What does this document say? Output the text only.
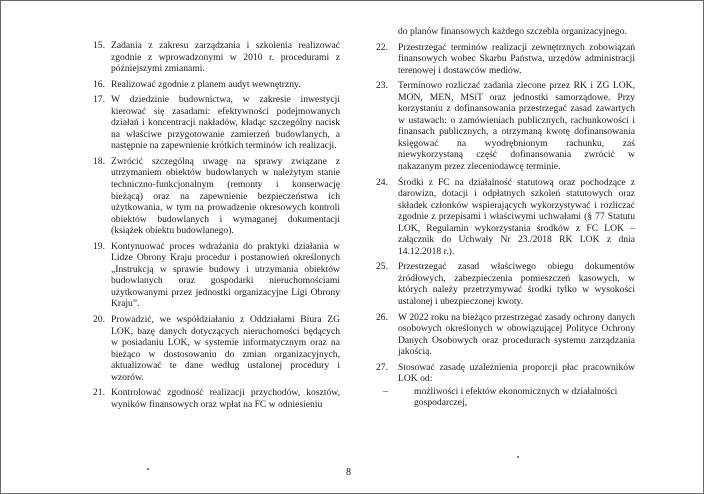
15. Zadania z zakresu zarządzania i szkolenia realizować zgodnie z wprowadzonymi w 2010 r. procedurami z późniejszymi zmianami.
16. Realizować zgodnie z planem audyt wewnętrzny.
17. W dziedzinie budownictwa, w zakresie inwestycji kierować się zasadami: efektywności podejmowanych działań i koncentracji nakładów, kładąc szczególny nacisk na właściwe przygotowanie zamierzeń budowlanych, a następnie na zapewnienie krótkich terminów ich realizacji.
18. Zwrócić szczególną uwagę na sprawy związane z utrzymaniem obiektów budowlanych w należytym stanie techniczno-funkcjonalnym (remonty i konserwację bieżącą) oraz na zapewnienie bezpieczeństwa ich użytkowania, w tym na prowadzenie okresowych kontroli obiektów budowlanych i wymaganej dokumentacji (książek obiektu budowlanego).
19. Kontynuować proces wdrażania do praktyki działania w Lidze Obrony Kraju procedur i postanowień określonych „Instrukcją w sprawie budowy i utrzymania obiektów budowlanych oraz gospodarki nieruchomościami użytkowanymi przez jednostki organizacyjne Ligi Obrony Kraju”.
20. Prowadzić, we współdziałaniu z Oddziałami Biura ZG LOK, bazę danych dotyczących nieruchomości będących w posiadaniu LOK, w systemie informatycznym oraz na bieżąco w dostosowaniu do zmian organizacyjnych, aktualizować te dane według ustalonej procedury i wzorów.
21. Kontrolować zgodność realizacji przychodów, kosztów, wyników finansowych oraz wpłat na FC w odniesieniu
do planów finansowych każdego szczebla organizacyjnego.
22. Przestrzegać terminów realizacji zewnętrznych zobowiązań finansowych wobec Skarbu Państwa, urzędów administracji terenowej i dostawców mediów.
23. Terminowo rozliczać zadania zlecone przez RK i ZG LOK, MON, MEN, MSiT oraz jednostki samorządowe. Przy korzystaniu z dofinansowania przestrzegać zasad zawartych w ustawach: o zamówieniach publicznych, rachunkowości i finansach publicznych, a otrzymaną kwotę dofinansowania księgować na wyodrębnionym rachunku, zaś niewykorzystaną część dofinansowania zwrócić w nakazanym przez zleceniodawcę terminie.
24. Środki z FC na działalność statutową oraz pochodzące z darowizn, dotacji i odpłatnych szkoleń statutowych oraz składek członków wspierających wykorzystywać i rozliczać zgodnie z przepisami i właściwymi uchwałami (§ 77 Statutu LOK, Regulamin wykorzystania środków z FC LOK – załącznik do Uchwały Nr 23./2018 RK LOK z dnia 14.12.2018 r.).
25. Przestrzegać zasad właściwego obiegu dokumentów źródłowych, zabezpieczenia pomieszczeń kasowych, w których należy przetrzymywać środki tylko w wysokości ustalonej i ubezpieczonej kwoty.
26. W 2022 roku na bieżąco przestrzegać zasady ochrony danych osobowych określonych w obowiązującej Polityce Ochrony Danych Osobowych oraz procedurach systemu zarządzania jakością.
27. Stosować zasadę uzależnienia proporcji płac pracowników LOK od:
–	możliwości i efektów ekonomicznych w działalności gospodarczej,
8
